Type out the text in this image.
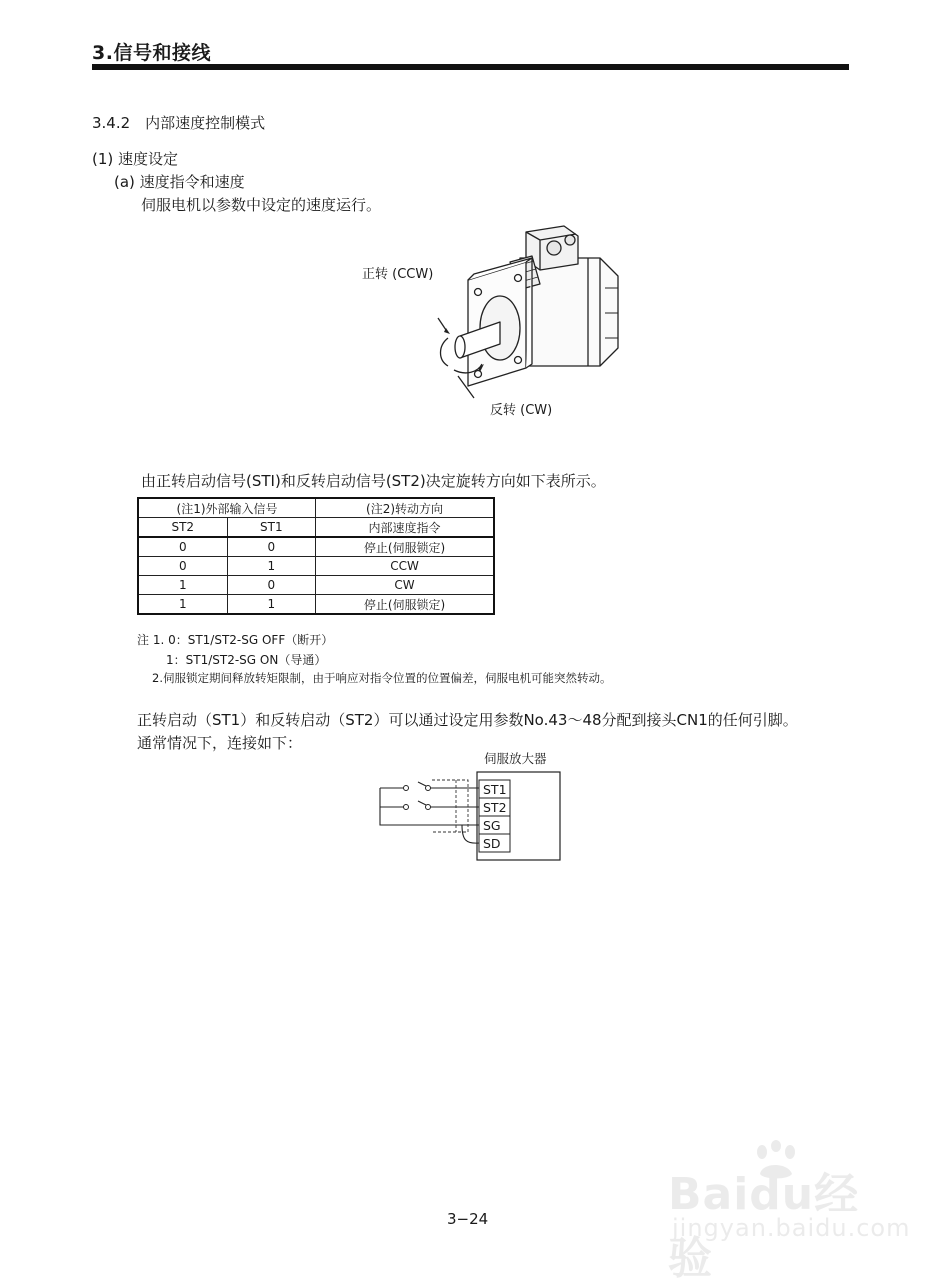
3.信号和接线
3.4.2　内部速度控制模式
(1) 速度设定
(a) 速度指令和速度
伺服电机以参数中设定的速度运行。
正转 (CCW)
反转 (CW)
由正转启动信号(STI)和反转启动信号(ST2)决定旋转方向如下表所示。
(注1)外部输入信号		(注2)转动方向
ST2	ST1	内部速度指令
0	0	停止(伺服锁定)
0	1	CCW
1	0	CW
1	1	停止(伺服锁定)
注 1. 0：ST1/ST2-SG OFF（断开）
1：ST1/ST2-SG ON（导通）
2.伺服锁定期间释放转矩限制，由于响应对指令位置的位置偏差，伺服电机可能突然转动。
正转启动（ST1）和反转启动（ST2）可以通过设定用参数No.43～48分配到接头CN1的任何引脚。
通常情况下，连接如下：
伺服放大器
ST1
ST2
SG
SD
3−24	Baidu经验
jingyan.baidu.com
